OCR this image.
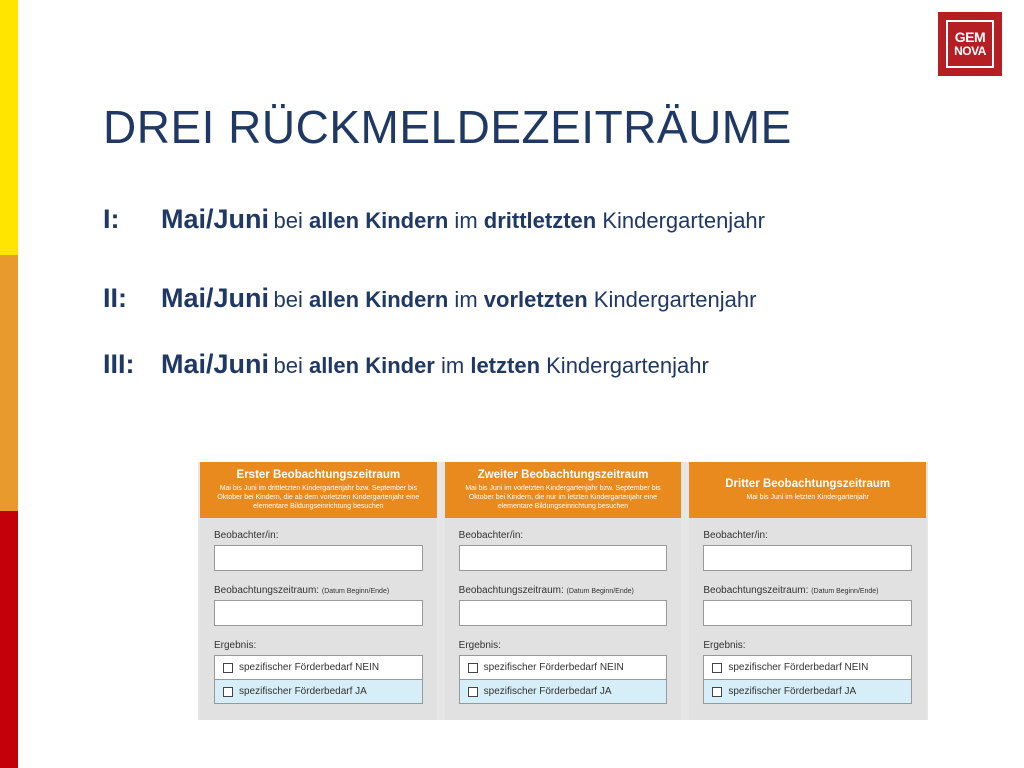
GEM
NOVA
DREI RÜCKMELDEZEITRÄUME
I: Mai/Juni bei allen Kindern im drittletzten Kindergartenjahr
II: Mai/Juni bei allen Kindern im vorletzten Kindergartenjahr
III: Mai/Juni bei allen Kinder im letzten Kindergartenjahr
Erster Beobachtungszeitraum
Mai bis Juni im drittletzten Kindergartenjahr bzw. September bis Oktober bei Kindern, die ab dem vorletzten Kindergartenjahr eine elementare Bildungseinrichtung besuchen
Beobachter/in:
Beobachtungszeitraum: (Datum Beginn/Ende)
Ergebnis:
spezifischer Förderbedarf NEIN
spezifischer Förderbedarf JA
Zweiter Beobachtungszeitraum
Mai bis Juni im vorletzten Kindergartenjahr bzw. September bis Oktober bei Kindern, die nur im letzten Kindergartenjahr eine elementare Bildungseinrichtung besuchen
Beobachter/in:
Beobachtungszeitraum: (Datum Beginn/Ende)
Ergebnis:
spezifischer Förderbedarf NEIN
spezifischer Förderbedarf JA
Dritter Beobachtungszeitraum
Mai bis Juni im letzten Kindergartenjahr
Beobachter/in:
Beobachtungszeitraum: (Datum Beginn/Ende)
Ergebnis:
spezifischer Förderbedarf NEIN
spezifischer Förderbedarf JA
